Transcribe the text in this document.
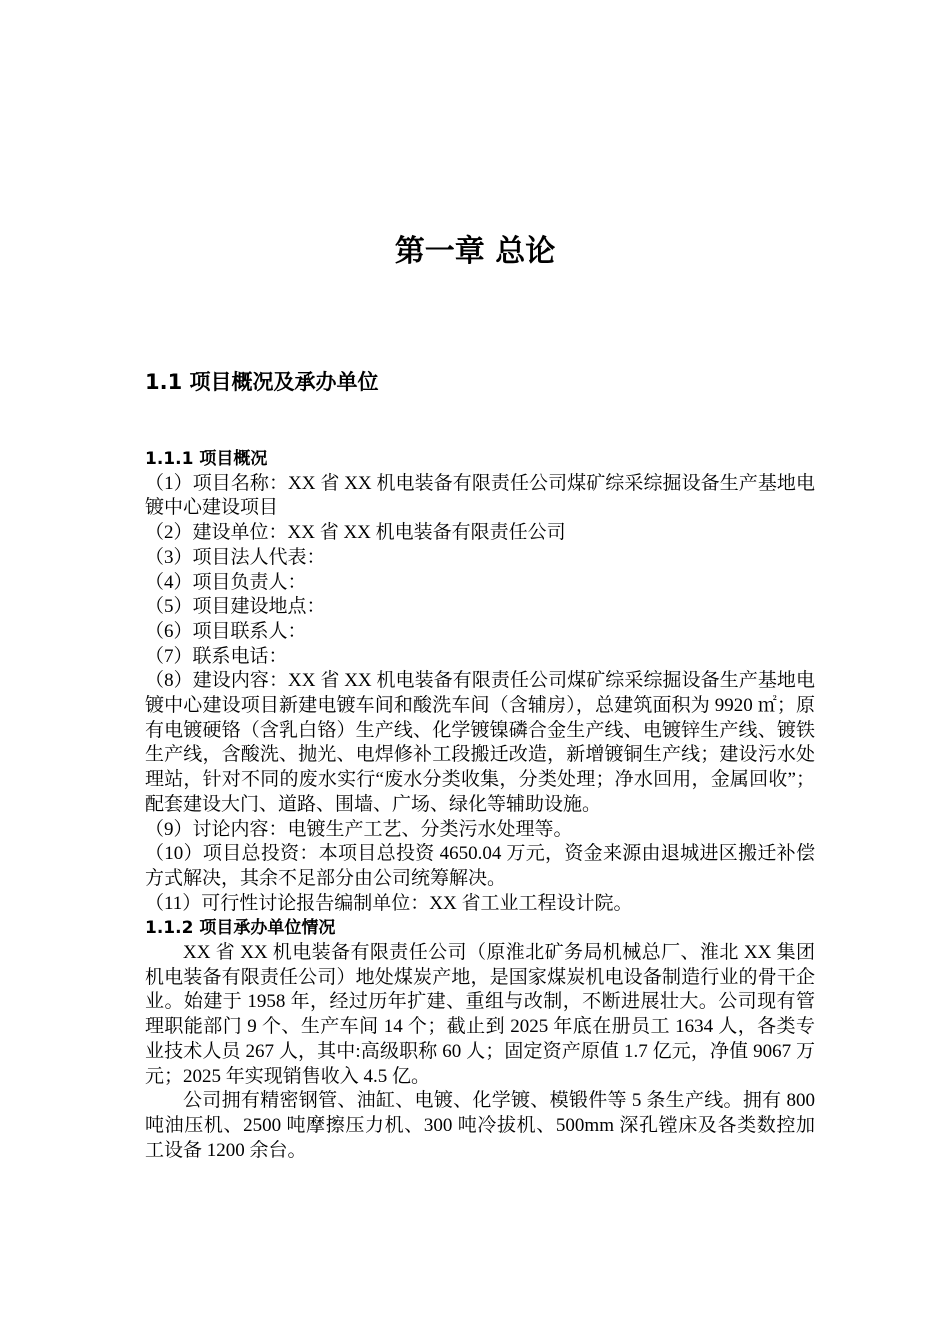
第一章 总论
1.1 项目概况及承办单位

1.1.1 项目概况

（1）项目名称：XX 省 XX 机电装备有限责任公司煤矿综采综掘设备生产基地电镀中心建设项目

（2）建设单位：XX 省 XX 机电装备有限责任公司

（3）项目法人代表：

（4）项目负责人：

（5）项目建设地点：

（6）项目联系人：

（7）联系电话：

（8）建设内容：XX 省 XX 机电装备有限责任公司煤矿综采综掘设备生产基地电镀中心建设项目新建电镀车间和酸洗车间（含辅房），总建筑面积为 9920 ㎡；原有电镀硬铬（含乳白铬）生产线、化学镀镍磷合金生产线、电镀锌生产线、镀铁生产线，含酸洗、抛光、电焊修补工段搬迁改造，新增镀铜生产线；建设污水处理站，针对不同的废水实行“废水分类收集，分类处理；净水回用，金属回收”；配套建设大门、道路、围墙、广场、绿化等辅助设施。

（9）讨论内容：电镀生产工艺、分类污水处理等。

（10）项目总投资：本项目总投资 4650.04 万元，资金来源由退城进区搬迁补偿方式解决，其余不足部分由公司统筹解决。

（11）可行性讨论报告编制单位：XX 省工业工程设计院。

1.1.2 项目承办单位情况

XX 省 XX 机电装备有限责任公司（原淮北矿务局机械总厂、淮北 XX 集团机电装备有限责任公司）地处煤炭产地，是国家煤炭机电设备制造行业的骨干企业。始建于 1958 年，经过历年扩建、重组与改制，不断进展壮大。公司现有管理职能部门 9 个、生产车间 14 个；截止到 2025 年底在册员工 1634 人，各类专业技术人员 267 人，其中:高级职称 60 人；固定资产原值 1.7 亿元，净值 9067 万元；2025 年实现销售收入 4.5 亿。

公司拥有精密钢管、油缸、电镀、化学镀、模锻件等 5 条生产线。拥有 800 吨油压机、2500 吨摩擦压力机、300 吨冷拔机、500mm 深孔镗床及各类数控加工设备 1200 余台。
